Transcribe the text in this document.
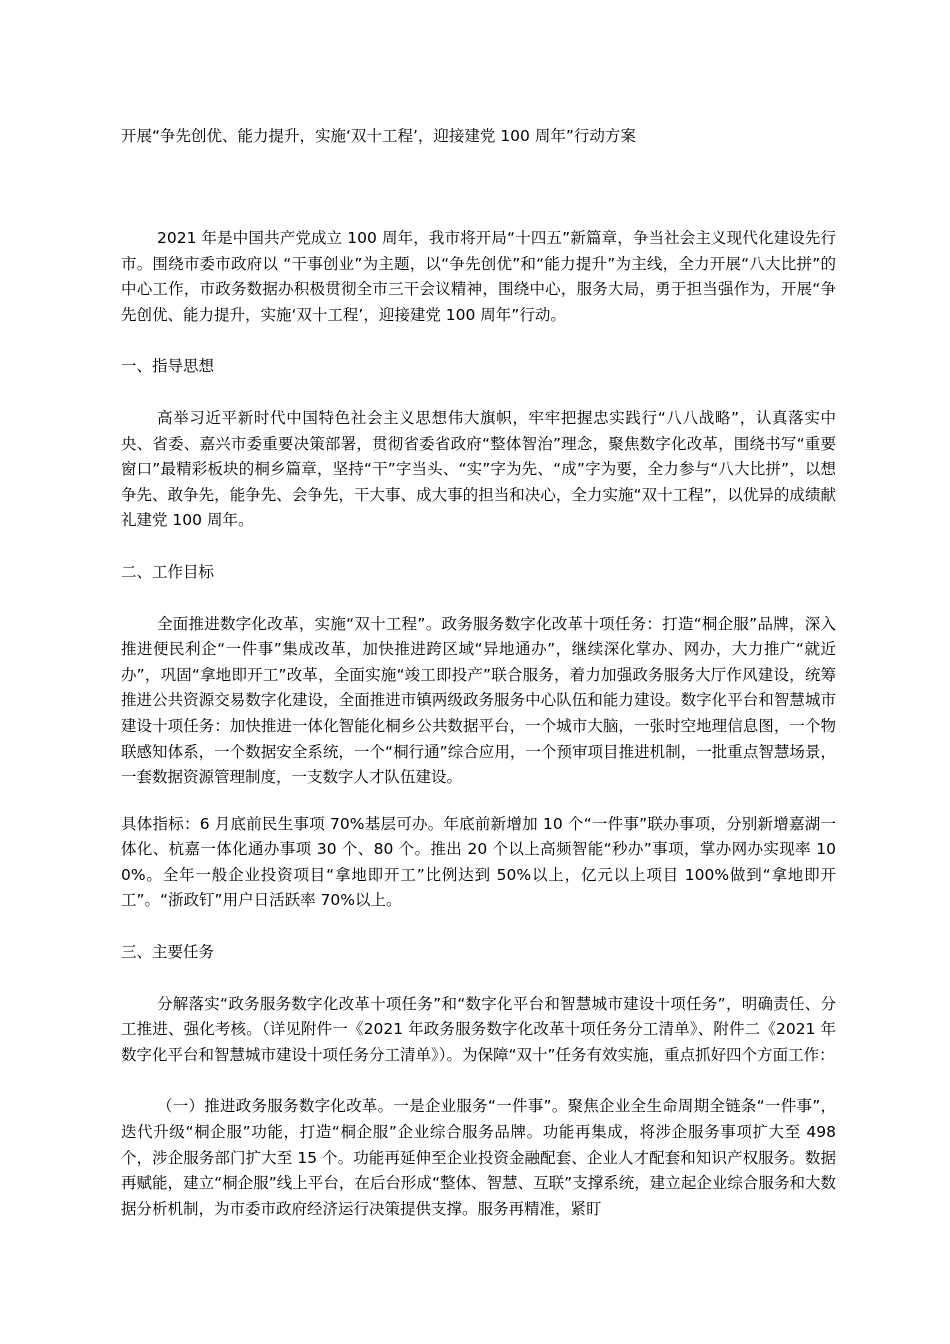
开展“争先创优、能力提升，实施‘双十工程’，迎接建党 100 周年”行动方案

2021 年是中国共产党成立 100 周年，我市将开局“十四五”新篇章，争当社会主义现代化建设先行市。围绕市委市政府以 “干事创业”为主题，以“争先创优”和“能力提升”为主线，全力开展“八大比拼”的中心工作，市政务数据办积极贯彻全市三干会议精神，围绕中心，服务大局，勇于担当强作为，开展“争先创优、能力提升，实施‘双十工程’，迎接建党 100 周年”行动。

一、指导思想

高举习近平新时代中国特色社会主义思想伟大旗帜，牢牢把握忠实践行“八八战略”，认真落实中央、省委、嘉兴市委重要决策部署，贯彻省委省政府“整体智治”理念，聚焦数字化改革，围绕书写“重要窗口”最精彩板块的桐乡篇章，坚持“干”字当头、“实”字为先、“成”字为要，全力参与“八大比拼”，以想争先、敢争先，能争先、会争先，干大事、成大事的担当和决心，全力实施“双十工程”，以优异的成绩献礼建党 100 周年。

二、工作目标

全面推进数字化改革，实施“双十工程”。政务服务数字化改革十项任务：打造“桐企服”品牌，深入推进便民利企“一件事”集成改革，加快推进跨区域“异地通办”，继续深化掌办、网办，大力推广“就近办”，巩固“拿地即开工”改革，全面实施“竣工即投产”联合服务，着力加强政务服务大厅作风建设，统筹推进公共资源交易数字化建设，全面推进市镇两级政务服务中心队伍和能力建设。数字化平台和智慧城市建设十项任务：加快推进一体化智能化桐乡公共数据平台，一个城市大脑，一张时空地理信息图，一个物联感知体系，一个数据安全系统，一个“桐行通”综合应用，一个预审项目推进机制，一批重点智慧场景，一套数据资源管理制度，一支数字人才队伍建设。

具体指标：6 月底前民生事项 70%基层可办。年底前新增加 10 个“一件事”联办事项，分别新增嘉湖一体化、杭嘉一体化通办事项 30 个、80 个。推出 20 个以上高频智能“秒办”事项，掌办网办实现率 100%。全年一般企业投资项目“拿地即开工”比例达到 50%以上，亿元以上项目 100%做到“拿地即开工”。“浙政钉”用户日活跃率 70%以上。

三、主要任务

分解落实“政务服务数字化改革十项任务”和“数字化平台和智慧城市建设十项任务”，明确责任、分工推进、强化考核。（详见附件一《2021 年政务服务数字化改革十项任务分工清单》、附件二《2021 年数字化平台和智慧城市建设十项任务分工清单》）。为保障“双十”任务有效实施，重点抓好四个方面工作：

（一）推进政务服务数字化改革。一是企业服务“一件事”。聚焦企业全生命周期全链条“一件事”，迭代升级“桐企服”功能，打造“桐企服”企业综合服务品牌。功能再集成，将涉企服务事项扩大至 498 个，涉企服务部门扩大至 15 个。功能再延伸至企业投资金融配套、企业人才配套和知识产权服务。数据再赋能，建立“桐企服”线上平台，在后台形成“整体、智慧、互联”支撑系统，建立起企业综合服务和大数据分析机制，为市委市政府经济运行决策提供支撑。服务再精准，紧盯
